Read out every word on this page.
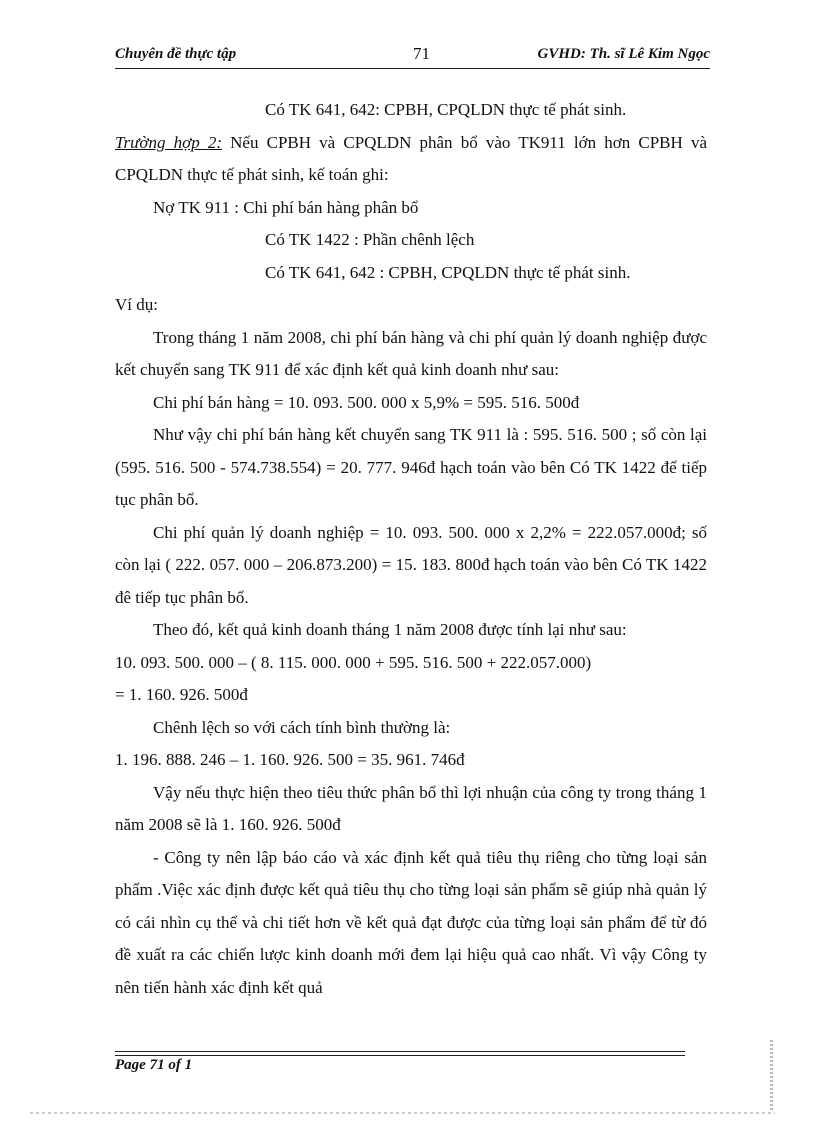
Chuyên đề thực tập	71	GVHD: Th. sĩ Lê Kim Ngọc

Có TK 641, 642: CPBH, CPQLDN thực tế phát sinh.

Trường hợp 2: Nếu CPBH và CPQLDN phân bổ vào TK911 lớn hơn CPBH và CPQLDN thực tế phát sinh, kế toán ghi:

Nợ TK 911 : Chi phí bán hàng phân bổ

Có TK 1422 : Phần chênh lệch

Có TK 641, 642 : CPBH, CPQLDN thực tế phát sinh.

Ví dụ:

Trong tháng 1 năm 2008, chi phí bán hàng và chi phí quản lý doanh nghiệp được kết chuyển sang TK 911 để xác định kết quả kinh doanh như sau:

Chi phí bán hàng = 10. 093. 500. 000 x 5,9% = 595. 516. 500đ

Như vậy chi phí bán hàng kết chuyển sang TK 911 là : 595. 516. 500 ; số còn lại (595. 516. 500 - 574.738.554) = 20. 777. 946đ hạch toán vào bên Có TK 1422 để tiếp tục phân bổ.

Chi phí quản lý doanh nghiệp = 10. 093. 500. 000 x 2,2% = 222.057.000đ; số còn lại ( 222. 057. 000 – 206.873.200) = 15. 183. 800đ hạch toán vào bên Có TK 1422 đê tiếp tục phân bổ.

Theo đó, kết quả kinh doanh tháng 1 năm 2008 được tính lại như sau:

10. 093. 500. 000 – ( 8. 115. 000. 000 + 595. 516. 500 + 222.057.000)

= 1. 160. 926. 500đ

Chênh lệch so với cách tính bình thường là:

1. 196. 888. 246 – 1. 160. 926. 500 = 35. 961. 746đ

Vậy nếu thực hiện theo tiêu thức phân bổ thì lợi nhuận của công ty trong tháng 1 năm 2008 sẽ là 1. 160. 926. 500đ

- Công ty nên lập báo cáo và xác định kết quả tiêu thụ riêng cho từng loại sản phẩm .Việc xác định được kết quả tiêu thụ cho từng loại sản phẩm sẽ giúp nhà quản lý có cái nhìn cụ thể và chi tiết hơn về kết quả đạt được của từng loại sản phẩm để từ đó đề xuất ra các chiến lược kinh doanh mới đem lại hiệu quả cao nhất. Vì vậy Công ty nên tiến hành xác định kết quả

Page 71 of 1
